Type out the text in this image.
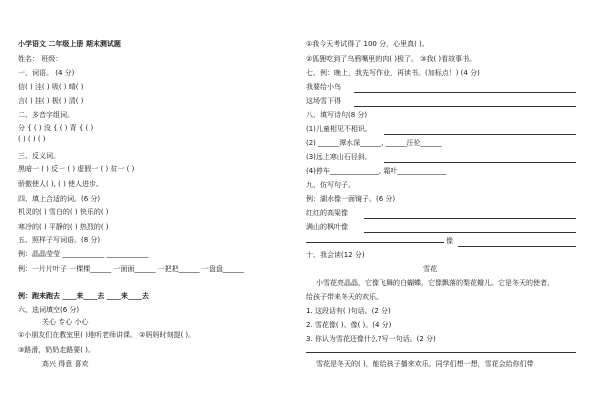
小学语文 二年级上册 期末测试题
姓名： 班级：
一、词语。 (4 分)
信( ) 洼( ) 吸( ) 晴( )
言( ) 挂( ) 极( ) 清( )
二、多音字组词。
分 { ( ) 没 { ( ) 背 { ( )
( ) ( ) ( )
三、反义词。
黑暗一 ( ) 反一 ( ) 虚假一 ( ) 贫一 ( )
骄傲使人( ), ( ) 使人进步。
四、填上合适的词。(6 分)
机灵的( ) 雪白的( ) 快乐的( )
寒冷的( ) 平静的( ) 热烈的( )
五、照样子写词语。(8 分)
例：晶晶莹莹 ____________ ____________
例：一片片叶子 一棵棵______ 一面面______ 一把把______ 一盘盘______
例：跑来跑去 ____来____去 ____来____去
六、选词填空(6 分)
关心 专心 小心
①小朋友们在教室里( )地听老师讲课。 ②妈妈时刻提( )。
③路滑，奶奶走路要( )。
高兴 得意 喜欢
①我今天考试得了 100 分，心里真( )。
②狐狸吃到了乌鸦嘴里的肉( )极了。 ③我( )看故事书。
七、例：晚上，我先写作业，再读书。(加标点！) (4 分)
我要给小鸟
这场雪下得
八、填写诗句(8 分)
(1)儿童相见不相识,
(2) ______潭水深______, ______汪伦______
(3)远上寒山石径斜,
(4)停车______________, 霜叶______________
九、仿写句子。
例：湖水像一面镜子。(6 分)
红红的高粱像
满山的枫叶像
像
十、我会读(12 分)
雪花
小雪花亮晶晶，它像飞舞的白蝴蝶，它像飘落的梨花瓣儿。它是冬天的使者，
给孩子带来冬天的欢乐。
1. 这段话有( )句话。(2 分)
2. 雪花像( )、像( )。(4 分)
3. 你认为雪花还像什么?写一句话。(2 分)
雪花是冬天的( )，能给孩子播来欢乐。同学们想一想，雪花会给你们带
